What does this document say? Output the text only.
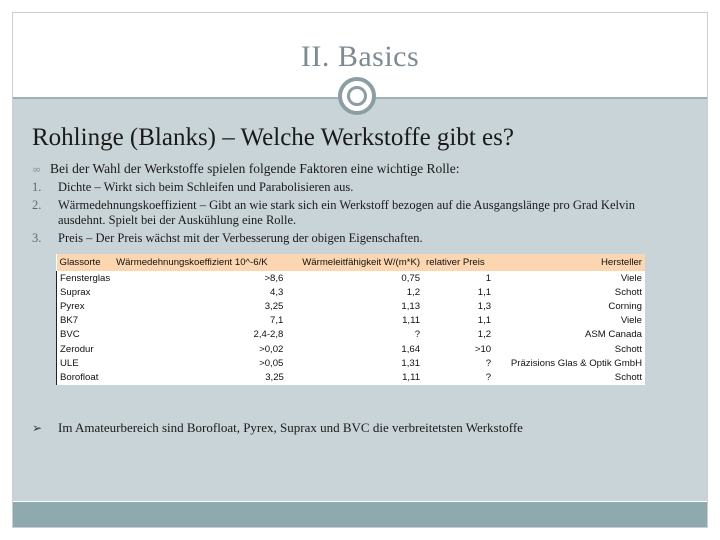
II. Basics
Rohlinge (Blanks) – Welche Werkstoffe gibt es?
∞ Bei der Wahl der Werkstoffe spielen folgende Faktoren eine wichtige Rolle:
1.	Dichte – Wirkt sich beim Schleifen und Parabolisieren aus.
2.	Wärmedehnungskoeffizient – Gibt an wie stark sich ein Werkstoff bezogen auf die Ausgangslänge pro Grad Kelvin ausdehnt. Spielt bei der Auskühlung eine Rolle.
3.	Preis – Der Preis wächst mit der Verbesserung der obigen Eigenschaften.
Glassorte	Wärmedehnungskoeffizient 10^-6/K	Wärmeleitfähigkeit W/(m*K)	relativer Preis	Hersteller
Fensterglas	>8,6	0,75	1	Viele
Suprax	4,3	1,2	1,1	Schott
Pyrex	3,25	1,13	1,3	Corning
BK7	7,1	1,11	1,1	Viele
BVC	2,4-2,8	?	1,2	ASM Canada
Zerodur	>0,02	1,64	>10	Schott
ULE	>0,05	1,31	?	Präzisions Glas & Optik GmbH
Borofloat	3,25	1,11	?	Schott
➢ Im Amateurbereich sind Borofloat, Pyrex, Suprax und BVC die verbreitetsten Werkstoffe
